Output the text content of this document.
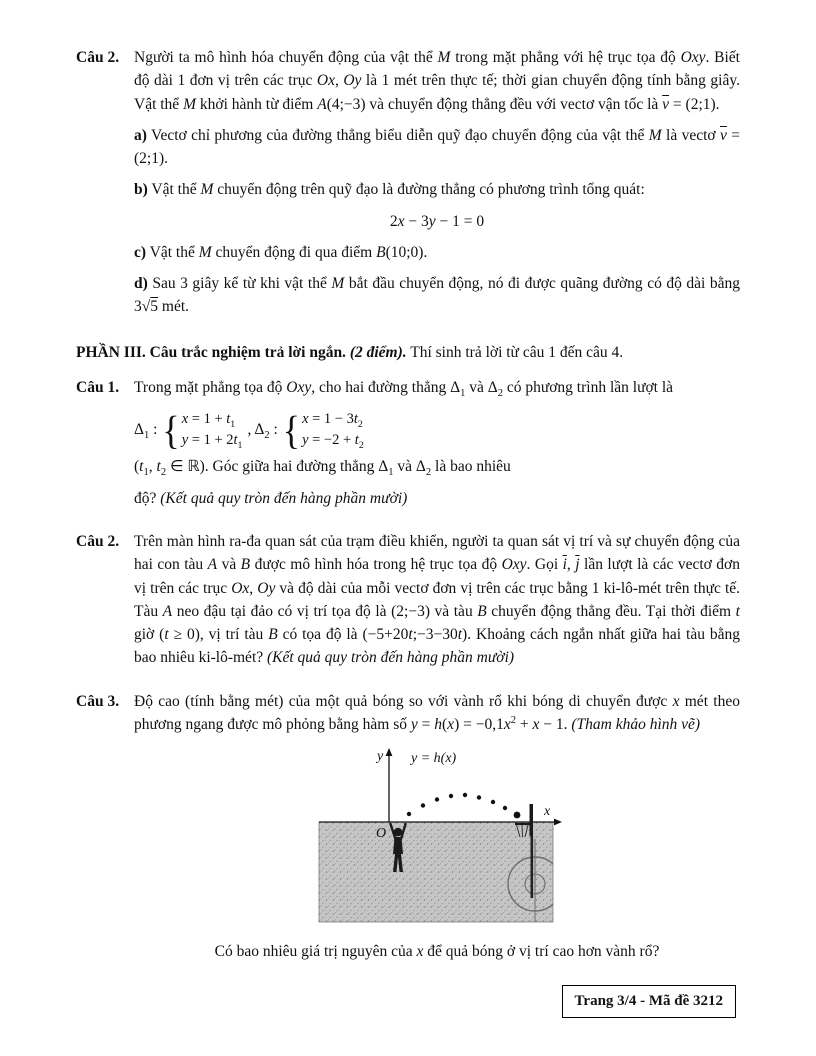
Câu 2. Người ta mô hình hóa chuyển động của vật thể M trong mặt phẳng với hệ trục tọa độ Oxy. Biết độ dài 1 đơn vị trên các trục Ox, Oy là 1 mét trên thực tế; thời gian chuyển động tính bằng giây. Vật thể M khởi hành từ điểm A(4;−3) và chuyển động thẳng đều với vectơ vận tốc là $\overline{v}$ = (2;1).

a) Vectơ chỉ phương của đường thẳng biểu diễn quỹ đạo chuyển động của vật thể M là vectơ $\overline{v}$ = (2;1).

b) Vật thể M chuyển động trên quỹ đạo là đường thẳng có phương trình tổng quát:

2x − 3y − 1 = 0

c) Vật thể M chuyển động đi qua điểm B(10;0).

d) Sau 3 giây kể từ khi vật thể M bắt đầu chuyển động, nó đi được quãng đường có độ dài bằng 3√5 mét.

PHẦN III. Câu trắc nghiệm trả lời ngắn. (2 điểm). Thí sinh trả lời từ câu 1 đến câu 4.
Câu 1. Trong mặt phẳng tọa độ Oxy, cho hai đường thẳng $\Delta_1$ và $\Delta_2$ có phương trình lần lượt là

$\Delta_1$ : { $x = 1 + t_1$
$y = 1 + 2t_1$
, $\Delta_2$ : { $x = 1 - 3t_2$
$y = -2 + t_2$
($t_1$, $t_2$ ∈ ℝ). Góc giữa hai đường thẳng $\Delta_1$ và $\Delta_2$ là bao nhiêu

độ? (Kết quả quy tròn đến hàng phần mười)

Câu 2. Trên màn hình ra-đa quan sát của trạm điều khiển, người ta quan sát vị trí và sự chuyển động của hai con tàu A và B được mô hình hóa trong hệ trục tọa độ Oxy. Gọi $\overline{i}$, $\overline{j}$ lần lượt là các vectơ đơn vị trên các trục Ox, Oy và độ dài của mỗi vectơ đơn vị trên các trục bằng 1 ki-lô-mét trên thực tế. Tàu A neo đậu tại đảo có vị trí tọa độ là (2;−3) và tàu B chuyển động thẳng đều. Tại thời điểm t giờ (t ≥ 0), vị trí tàu B có tọa độ là (−5+20t;−3−30t). Khoảng cách ngắn nhất giữa hai tàu bằng bao nhiêu ki-lô-mét? (Kết quả quy tròn đến hàng phần mười)

Câu 3. Độ cao (tính bằng mét) của một quả bóng so với vành rổ khi bóng di chuyển được x mét theo phương ngang được mô phỏng bằng hàm số $y = h(x) = -0,1x^2 + x - 1$. (Tham khảo hình vẽ)

x
y y = h(x)
O

Có bao nhiêu giá trị nguyên của x để quả bóng ở vị trí cao hơn vành rổ?

Trang 3/4 - Mã đề 3212
